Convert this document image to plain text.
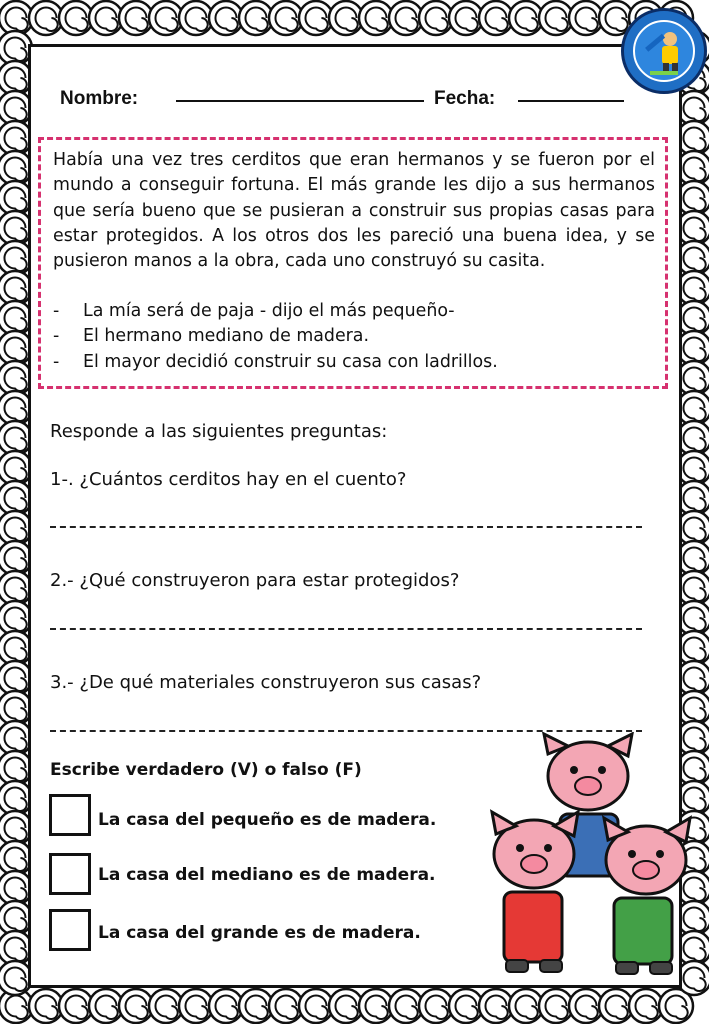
Nombre:	Fecha:

Había una vez tres cerditos que eran hermanos y se fueron por el mundo a conseguir fortuna. El más grande les dijo a sus hermanos que sería bueno que se pusieran a construir sus propias casas para estar protegidos. A los otros dos les pareció una buena idea, y se pusieron manos a la obra, cada uno construyó su casita.

-	La mía será de paja - dijo el más pequeño-
-	El hermano mediano de madera.
-	El mayor decidió construir su casa con ladrillos.
Responde a las siguientes preguntas:
1-. ¿Cuántos cerditos hay en el cuento?
2.- ¿Qué construyeron para estar protegidos?
3.- ¿De qué materiales construyeron sus casas?
Escribe verdadero (V) o falso (F)
La casa del pequeño es de madera.
La casa del mediano es de madera.
La casa del grande es de madera.
